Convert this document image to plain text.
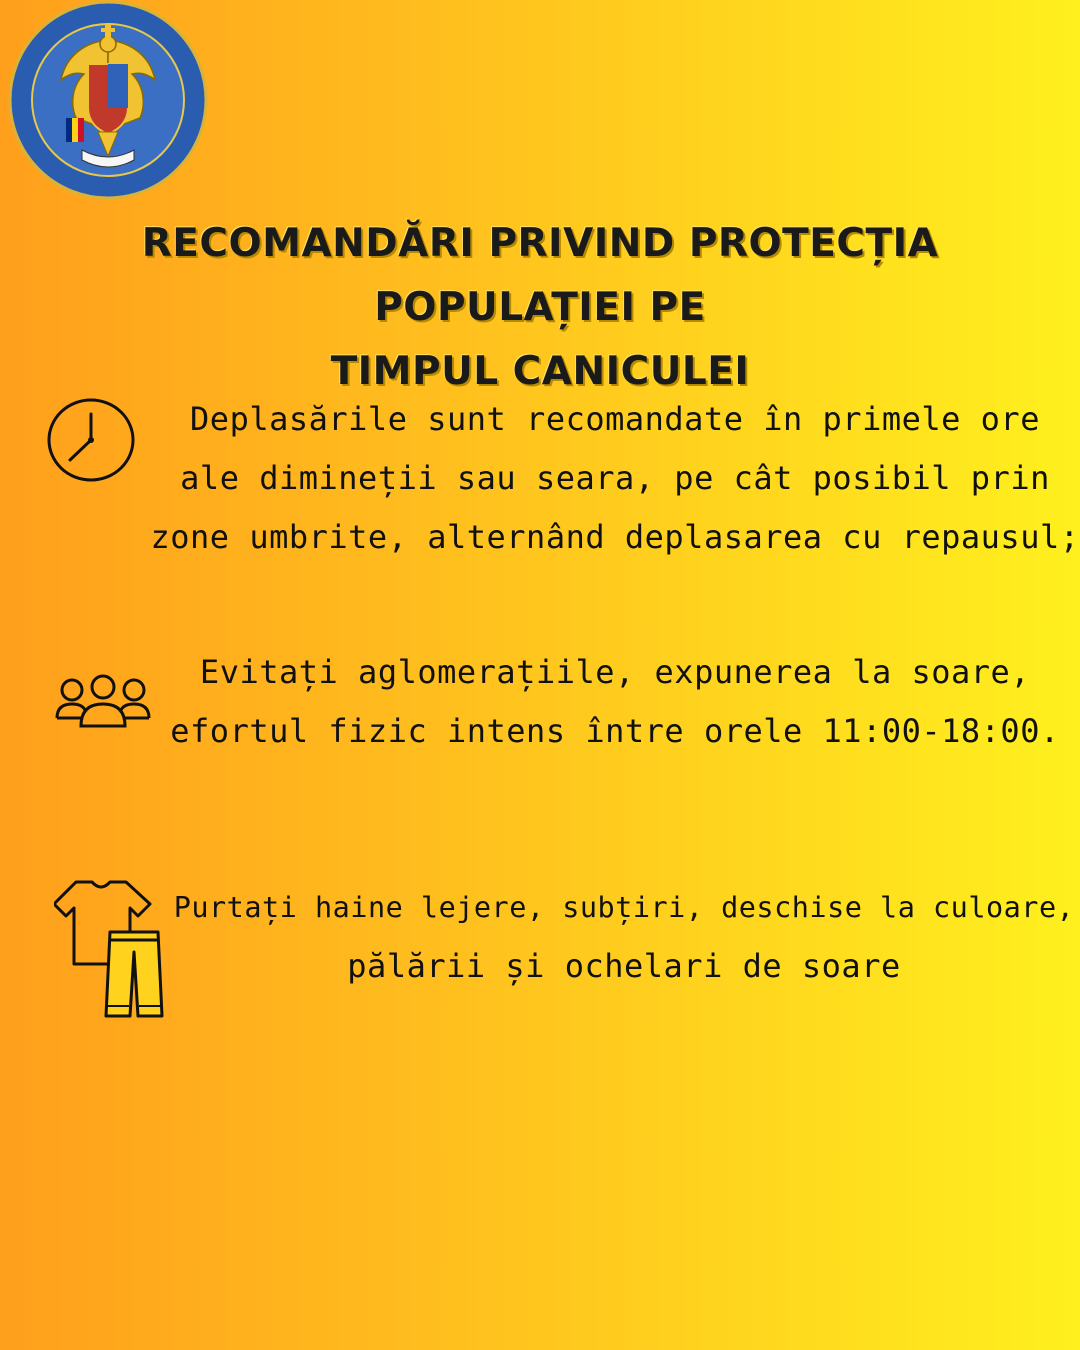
RECOMANDĂRI PRIVIND PROTECȚIA POPULAȚIEI PE
TIMPUL CANICULEI
Deplasările sunt recomandate în primele ore
ale dimineții sau seara, pe cât posibil prin
zone umbrite, alternând deplasarea cu repausul;
Evitați aglomerațiile, expunerea la soare,
efortul fizic intens între orele 11:00-18:00.
Purtați haine lejere, subțiri, deschise la culoare,
pălării și ochelari de soare
